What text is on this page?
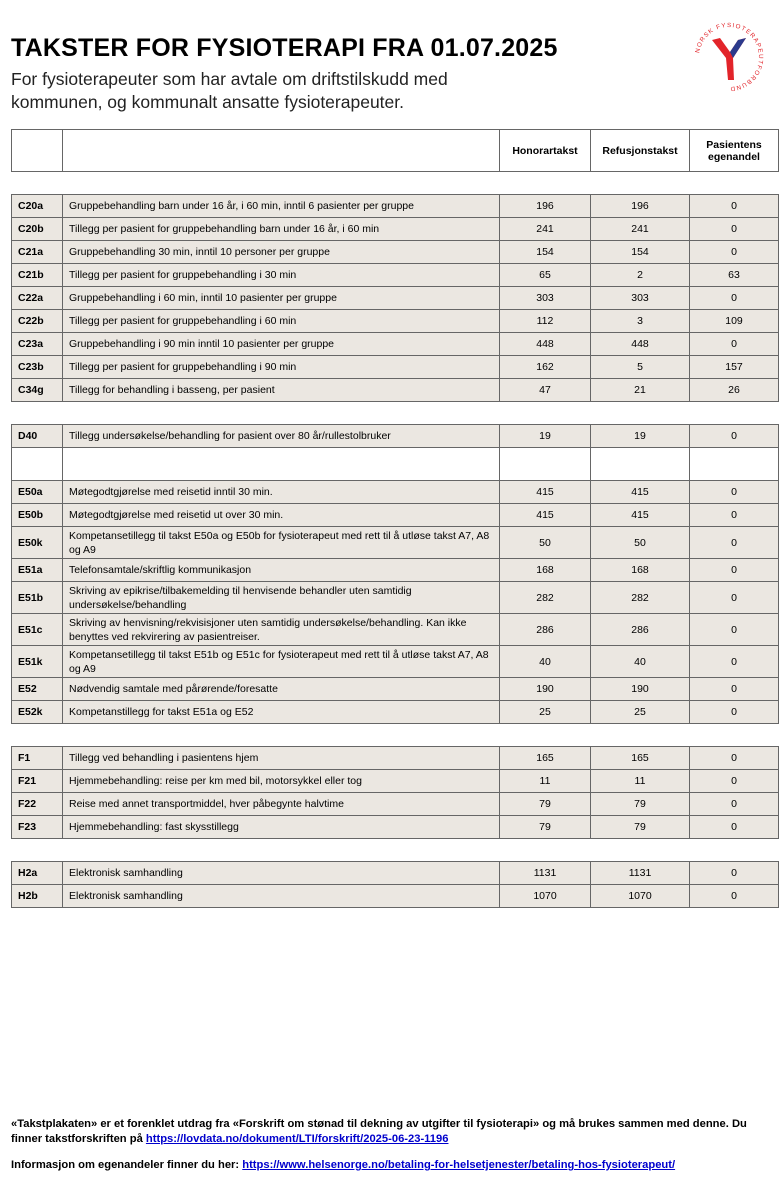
TAKSTER FOR FYSIOTERAPI FRA 01.07.2025

For fysioterapeuter som har avtale om driftstilskudd med kommunen, og kommunalt ansatte fysioterapeuter.

NORSK FYSIOTERAPEUTFORBUND
		Honorartakst	Refusjonstakst	Pasientens egenandel

C20a	Gruppebehandling barn under 16 år, i 60 min, inntil 6 pasienter per gruppe	196	196	0
C20b	Tillegg per pasient for gruppebehandling barn under 16 år, i 60 min	241	241	0
C21a	Gruppebehandling 30 min, inntil 10 personer per gruppe	154	154	0
C21b	Tillegg per pasient for gruppebehandling i 30 min	65	2	63
C22a	Gruppebehandling i 60 min, inntil 10 pasienter per gruppe	303	303	0
C22b	Tillegg per pasient for gruppebehandling i 60 min	112	3	109
C23a	Gruppebehandling i 90 min inntil 10 pasienter per gruppe	448	448	0
C23b	Tillegg per pasient for gruppebehandling i 90 min	162	5	157
C34g	Tillegg for behandling i basseng, per pasient	47	21	26

D40	Tillegg undersøkelse/behandling for pasient over 80 år/rullestolbruker	19	19	0

E50a	Møtegodtgjørelse med reisetid inntil 30 min.	415	415	0
E50b	Møtegodtgjørelse med reisetid ut over 30 min.	415	415	0
E50k	Kompetansetillegg til takst E50a og E50b for fysioterapeut med rett til å utløse takst A7, A8 og A9	50	50	0
E51a	Telefonsamtale/skriftlig kommunikasjon	168	168	0
E51b	Skriving av epikrise/tilbakemelding til henvisende behandler uten samtidig undersøkelse/behandling	282	282	0
E51c	Skriving av henvisning/rekvisisjoner uten samtidig undersøkelse/behandling. Kan ikke benyttes ved rekvirering av pasientreiser.	286	286	0
E51k	Kompetansetillegg til takst E51b og E51c for fysioterapeut med rett til å utløse takst A7, A8 og A9	40	40	0
E52	Nødvendig samtale med pårørende/foresatte	190	190	0
E52k	Kompetanstillegg for takst E51a og E52	25	25	0

F1	Tillegg ved behandling i pasientens hjem	165	165	0
F21	Hjemmebehandling: reise per km med bil, motorsykkel eller tog	11	11	0
F22	Reise med annet transportmiddel, hver påbegynte halvtime	79	79	0
F23	Hjemmebehandling: fast skysstillegg	79	79	0

H2a	Elektronisk samhandling	1131	1131	0
H2b	Elektronisk samhandling	1070	1070	0
«Takstplakaten» er et forenklet utdrag fra «Forskrift om stønad til dekning av utgifter til fysioterapi» og må brukes sammen med denne. Du finner takstforskriften på https://lovdata.no/dokument/LTI/forskrift/2025-06-23-1196
Informasjon om egenandeler finner du her: https://www.helsenorge.no/betaling-for-helsetjenester/betaling-hos-fysioterapeut/
